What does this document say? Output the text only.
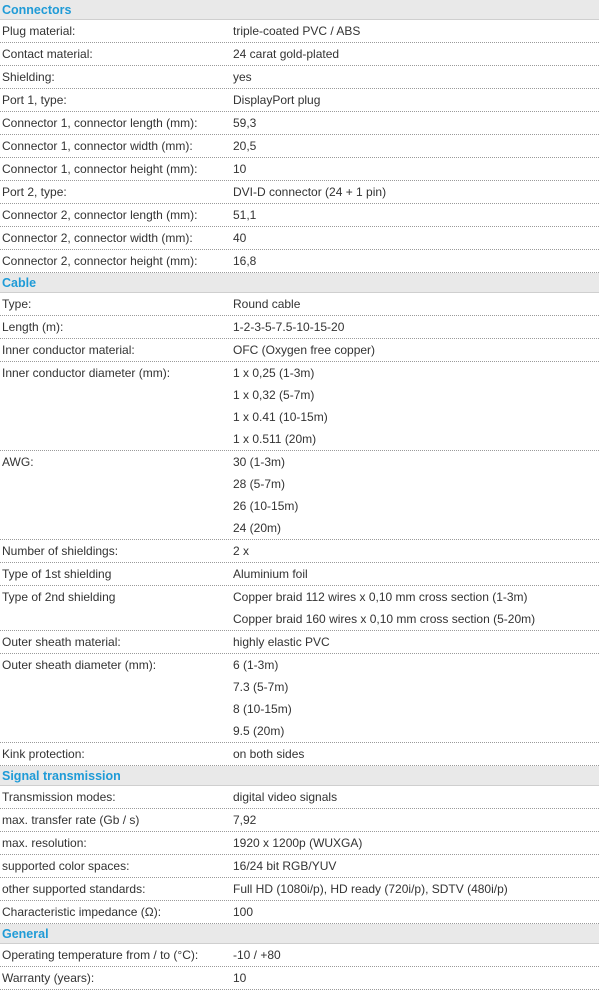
Connectors
Plug material:	triple-coated PVC / ABS
Contact material:	24 carat gold-plated
Shielding:	yes
Port 1, type:	DisplayPort plug
Connector 1, connector length (mm):	59,3
Connector 1, connector width (mm):	20,5
Connector 1, connector height (mm):	10
Port 2, type:	DVI-D connector (24 + 1 pin)
Connector 2, connector length (mm):	51,1
Connector 2, connector width (mm):	40
Connector 2, connector height (mm):	16,8
Cable
Type:	Round cable
Length (m):	1-2-3-5-7.5-10-15-20
Inner conductor material:	OFC (Oxygen free copper)
Inner conductor diameter (mm):	1 x 0,25 (1-3m)
1 x 0,32 (5-7m)
1 x 0.41 (10-15m)
1 x 0.511 (20m)
AWG:	30 (1-3m)
28 (5-7m)
26 (10-15m)
24 (20m)
Number of shieldings:	2 x
Type of 1st shielding	Aluminium foil
Type of 2nd shielding	Copper braid 112 wires x 0,10 mm cross section (1-3m)
Copper braid 160 wires x 0,10 mm cross section (5-20m)
Outer sheath material:	highly elastic PVC
Outer sheath diameter (mm):	6 (1-3m)
7.3 (5-7m)
8 (10-15m)
9.5 (20m)
Kink protection:	on both sides
Signal transmission
Transmission modes:	digital video signals
max. transfer rate (Gb / s)	7,92
max. resolution:	1920 x 1200p (WUXGA)
supported color spaces:	16/24 bit RGB/YUV
other supported standards:	Full HD (1080i/p), HD ready (720i/p), SDTV (480i/p)
Characteristic impedance (Ω):	100
General
Operating temperature from / to (°C):	-10 / +80
Warranty (years):	10
